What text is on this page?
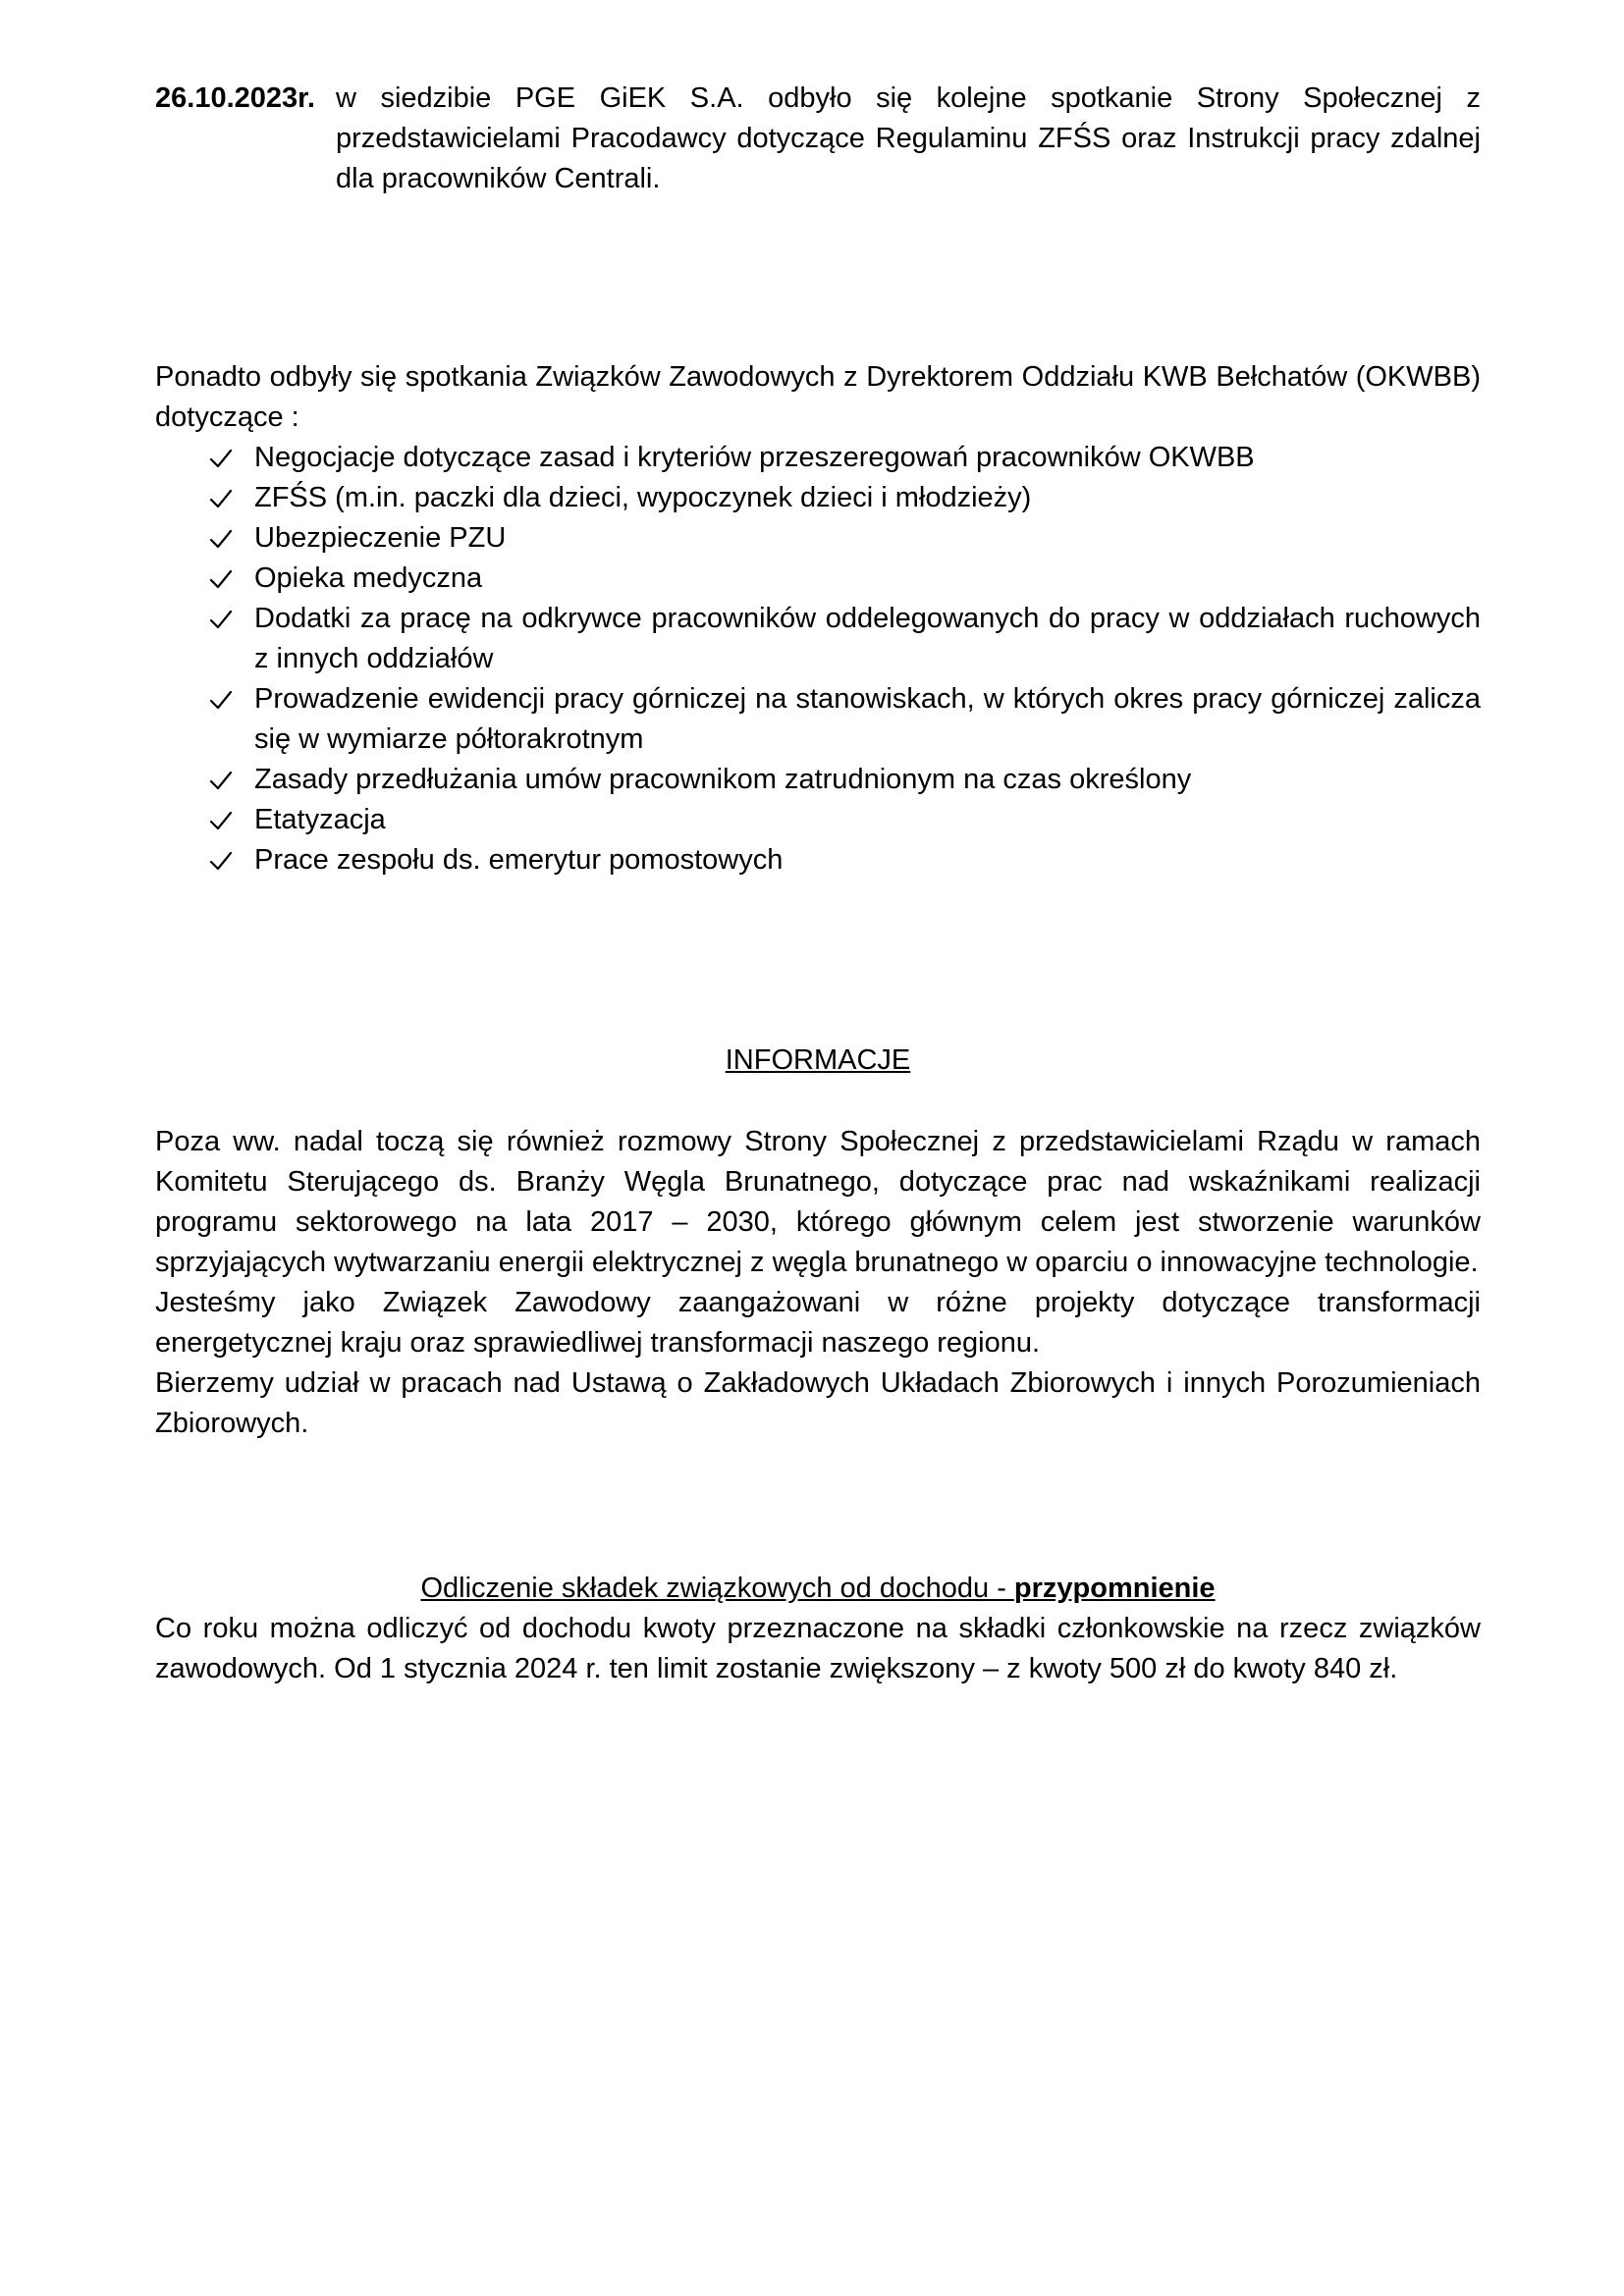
26.10.2023r. w siedzibie PGE GiEK S.A. odbyło się kolejne spotkanie Strony Społecznej z przedstawicielami Pracodawcy dotyczące Regulaminu ZFŚS oraz Instrukcji pracy zdalnej dla pracowników Centrali.

Ponadto odbyły się spotkania Związków Zawodowych z Dyrektorem Oddziału KWB Bełchatów (OKWBB) dotyczące :

Negocjacje dotyczące zasad i kryteriów przeszeregowań pracowników OKWBB
ZFŚS (m.in. paczki dla dzieci, wypoczynek dzieci i młodzieży)
Ubezpieczenie PZU
Opieka medyczna
Dodatki za pracę na odkrywce pracowników oddelegowanych do pracy w oddziałach ruchowych z innych oddziałów
Prowadzenie ewidencji pracy górniczej na stanowiskach, w których okres pracy górniczej zalicza się w wymiarze półtorakrotnym
Zasady przedłużania umów pracownikom zatrudnionym na czas określony
Etatyzacja
Prace zespołu ds. emerytur pomostowych
INFORMACJE

Poza ww. nadal toczą się również rozmowy Strony Społecznej z przedstawicielami Rządu w ramach Komitetu Sterującego ds. Branży Węgla Brunatnego, dotyczące prac nad wskaźnikami realizacji programu sektorowego na lata 2017 – 2030, którego głównym celem jest stworzenie warunków sprzyjających wytwarzaniu energii elektrycznej z węgla brunatnego w oparciu o innowacyjne technologie.

Jesteśmy jako Związek Zawodowy zaangażowani w różne projekty dotyczące transformacji energetycznej kraju oraz sprawiedliwej transformacji naszego regionu.

Bierzemy udział w pracach nad Ustawą o Zakładowych Układach Zbiorowych i innych Porozumieniach Zbiorowych.

Odliczenie składek związkowych od dochodu - przypomnienie

Co roku można odliczyć od dochodu kwoty przeznaczone na składki członkowskie na rzecz związków zawodowych. Od 1 stycznia 2024 r. ten limit zostanie zwiększony – z kwoty 500 zł do kwoty 840 zł.
